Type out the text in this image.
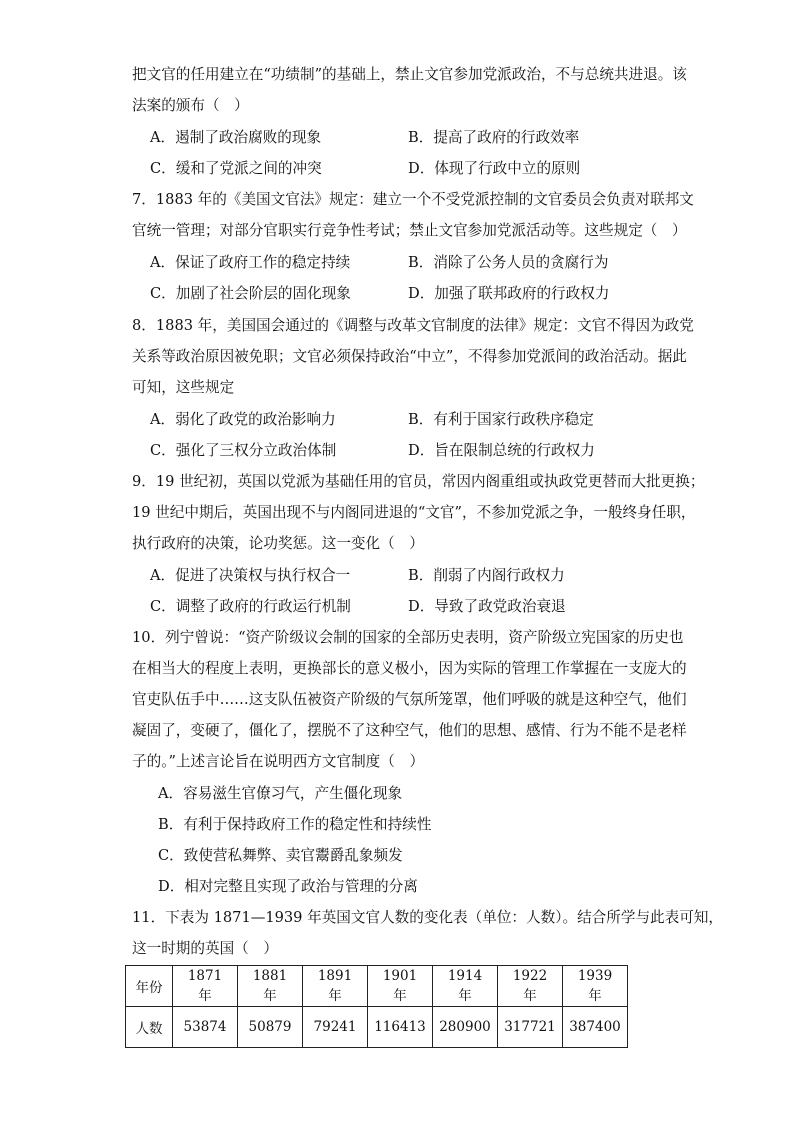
把文官的任用建立在“功绩制”的基础上，禁止文官参加党派政治，不与总统共进退。该
法案的颁布（　）
A．遏制了政治腐败的现象	B．提高了政府的行政效率
C．缓和了党派之间的冲突	D．体现了行政中立的原则
7．1883 年的《美国文官法》规定：建立一个不受党派控制的文官委员会负责对联邦文
官统一管理；对部分官职实行竞争性考试；禁止文官参加党派活动等。这些规定（　）
A．保证了政府工作的稳定持续	B．消除了公务人员的贪腐行为
C．加剧了社会阶层的固化现象	D．加强了联邦政府的行政权力
8．1883 年，美国国会通过的《调整与改革文官制度的法律》规定：文官不得因为政党
关系等政治原因被免职；文官必须保持政治“中立”，不得参加党派间的政治活动。据此
可知，这些规定
A．弱化了政党的政治影响力	B．有利于国家行政秩序稳定
C．强化了三权分立政治体制	D．旨在限制总统的行政权力
9．19 世纪初，英国以党派为基础任用的官员，常因内阁重组或执政党更替而大批更换；
19 世纪中期后，英国出现不与内阁同进退的“文官”，不参加党派之争，一般终身任职，
执行政府的决策，论功奖惩。这一变化（　）
A．促进了决策权与执行权合一	B．削弱了内阁行政权力
C．调整了政府的行政运行机制	D．导致了政党政治衰退
10．列宁曾说：“资产阶级议会制的国家的全部历史表明，资产阶级立宪国家的历史也
在相当大的程度上表明，更换部长的意义极小，因为实际的管理工作掌握在一支庞大的
官吏队伍手中……这支队伍被资产阶级的气氛所笼罩，他们呼吸的就是这种空气，他们
凝固了，变硬了，僵化了，摆脱不了这种空气，他们的思想、感情、行为不能不是老样
子的。”上述言论旨在说明西方文官制度（　）
A．容易滋生官僚习气，产生僵化现象
B．有利于保持政府工作的稳定性和持续性
C．致使营私舞弊、卖官鬻爵乱象频发
D．相对完整且实现了政治与管理的分离
11．下表为 1871—1939 年英国文官人数的变化表（单位：人数）。结合所学与此表可知，
这一时期的英国（　）
年份	1871 年	1881 年	1891 年	1901 年	1914 年	1922 年	1939 年
人数	53874	50879	79241	116413	280900	317721	387400
